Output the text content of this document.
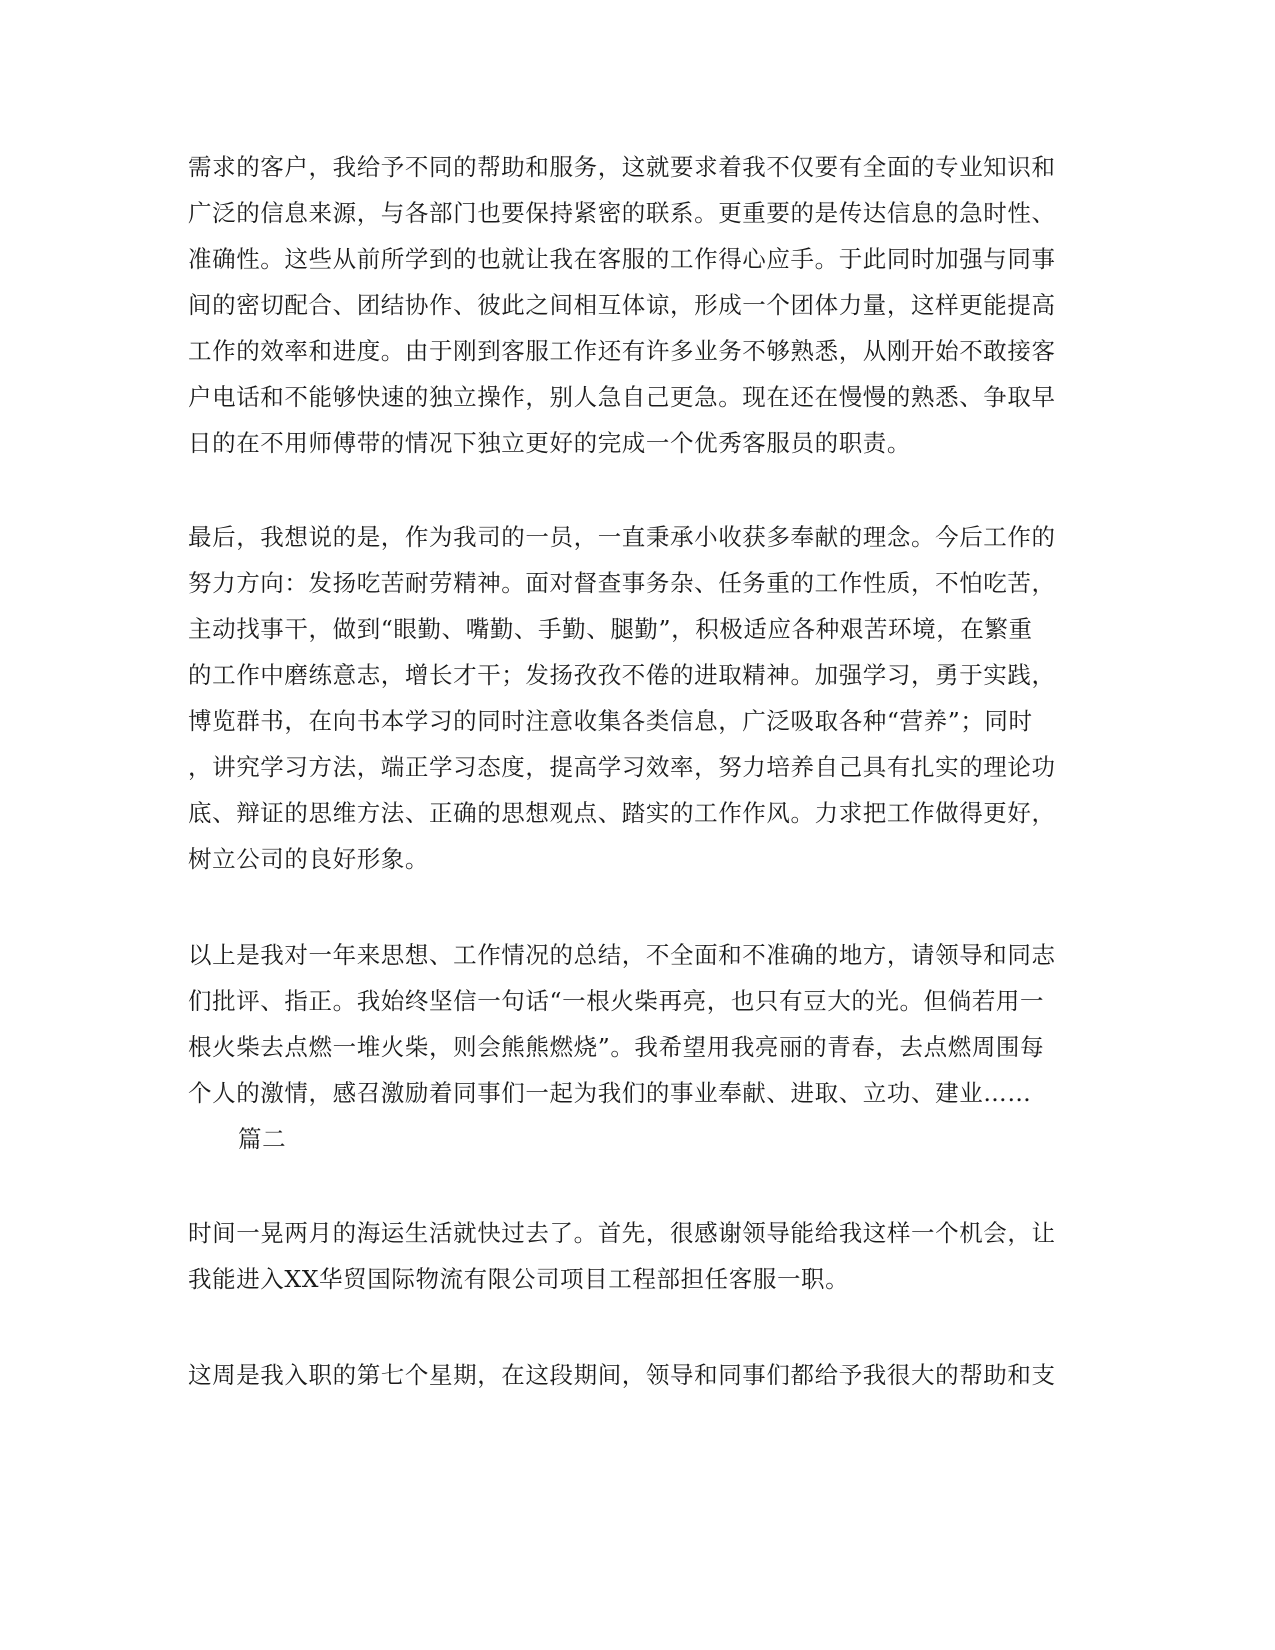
需求的客户，我给予不同的帮助和服务，这就要求着我不仅要有全面的专业知识和
广泛的信息来源，与各部门也要保持紧密的联系。更重要的是传达信息的急时性、
准确性。这些从前所学到的也就让我在客服的工作得心应手。于此同时加强与同事
间的密切配合、团结协作、彼此之间相互体谅，形成一个团体力量，这样更能提高
工作的效率和进度。由于刚到客服工作还有许多业务不够熟悉，从刚开始不敢接客
户电话和不能够快速的独立操作，别人急自己更急。现在还在慢慢的熟悉、争取早
日的在不用师傅带的情况下独立更好的完成一个优秀客服员的职责。
最后，我想说的是，作为我司的一员，一直秉承小收获多奉献的理念。今后工作的
努力方向：发扬吃苦耐劳精神。面对督查事务杂、任务重的工作性质，不怕吃苦，
主动找事干，做到“眼勤、嘴勤、手勤、腿勤”，积极适应各种艰苦环境，在繁重
的工作中磨练意志，增长才干；发扬孜孜不倦的进取精神。加强学习，勇于实践，
博览群书，在向书本学习的同时注意收集各类信息，广泛吸取各种“营养”；同时
，讲究学习方法，端正学习态度，提高学习效率，努力培养自己具有扎实的理论功
底、辩证的思维方法、正确的思想观点、踏实的工作作风。力求把工作做得更好，
树立公司的良好形象。
以上是我对一年来思想、工作情况的总结，不全面和不准确的地方，请领导和同志
们批评、指正。我始终坚信一句话“一根火柴再亮，也只有豆大的光。但倘若用一
根火柴去点燃一堆火柴，则会熊熊燃烧”。我希望用我亮丽的青春，去点燃周围每
个人的激情，感召激励着同事们一起为我们的事业奉献、进取、立功、建业……
篇二
时间一晃两月的海运生活就快过去了。首先，很感谢领导能给我这样一个机会，让
我能进入XX华贸国际物流有限公司项目工程部担任客服一职。
这周是我入职的第七个星期，在这段期间，领导和同事们都给予我很大的帮助和支
